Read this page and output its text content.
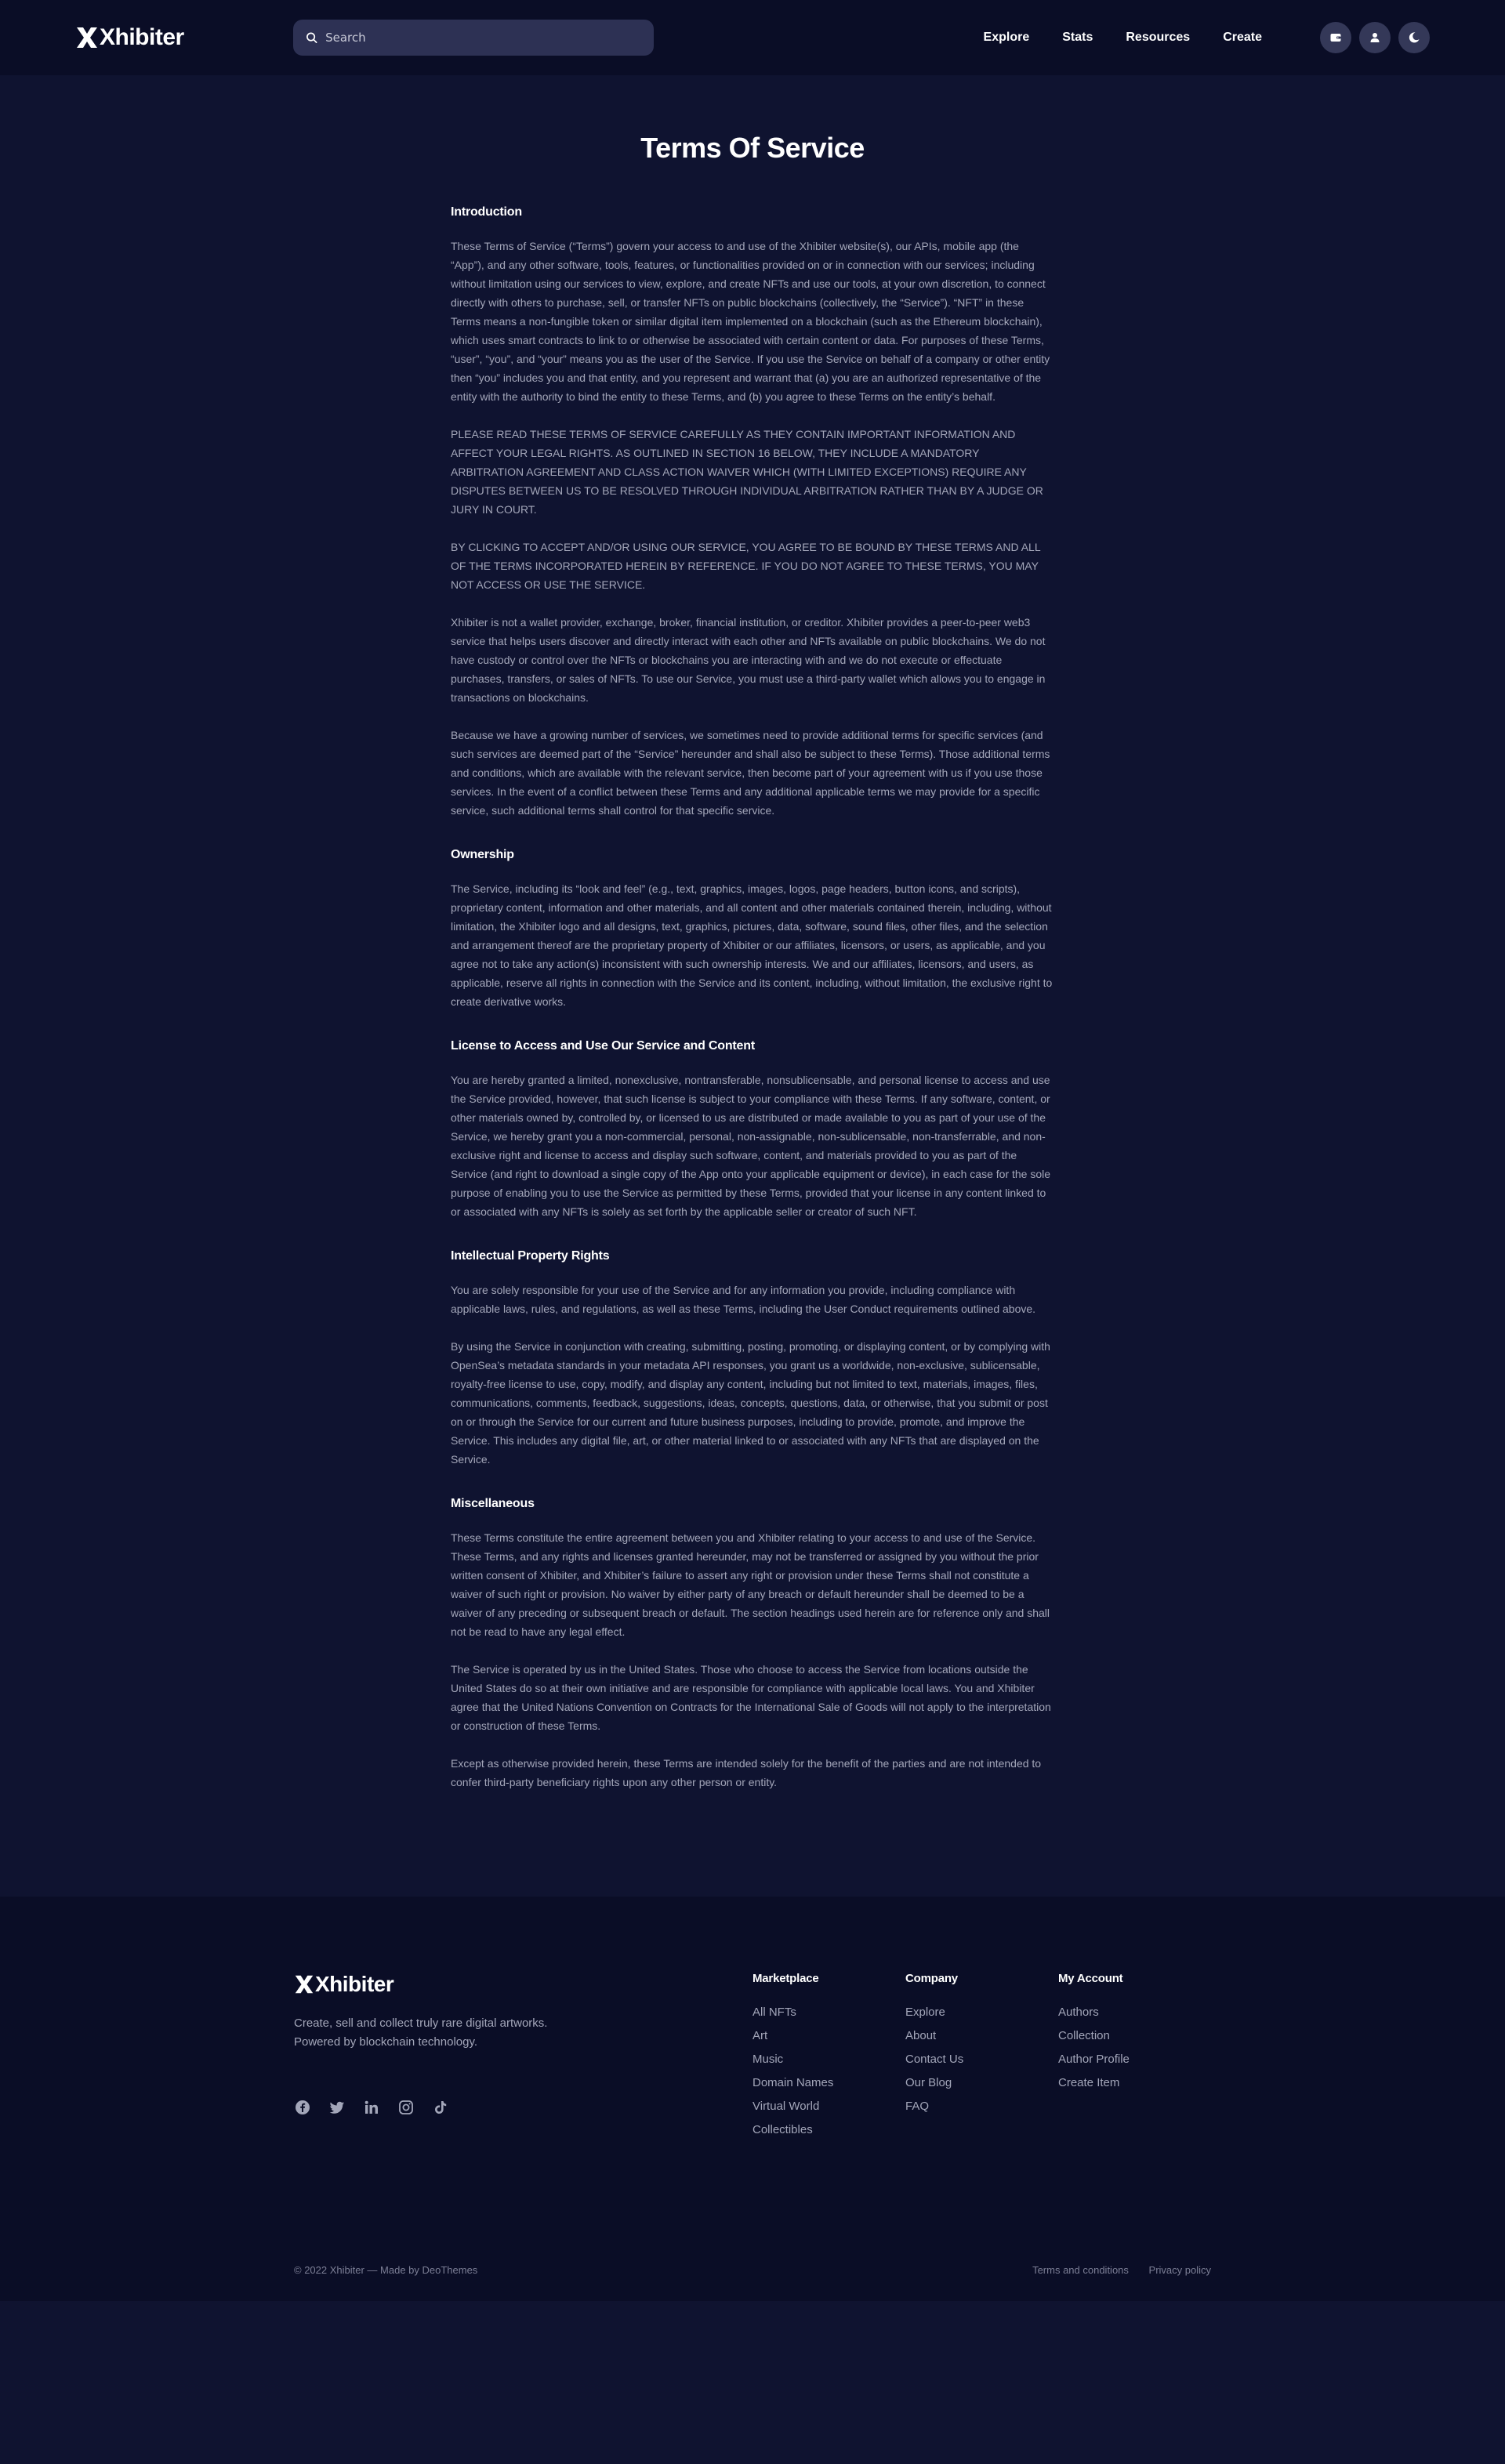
Xhibiter
Search	Explore	Stats	Resources	Create
Terms Of Service
Introduction

These Terms of Service (“Terms”) govern your access to and use of the Xhibiter website(s), our APIs, mobile app (the “App”), and any other software, tools, features, or functionalities provided on or in connection with our services; including without limitation using our services to view, explore, and create NFTs and use our tools, at your own discretion, to connect directly with others to purchase, sell, or transfer NFTs on public blockchains (collectively, the “Service”). “NFT” in these Terms means a non-fungible token or similar digital item implemented on a blockchain (such as the Ethereum blockchain), which uses smart contracts to link to or otherwise be associated with certain content or data. For purposes of these Terms, “user”, “you”, and “your” means you as the user of the Service. If you use the Service on behalf of a company or other entity then “you” includes you and that entity, and you represent and warrant that (a) you are an authorized representative of the entity with the authority to bind the entity to these Terms, and (b) you agree to these Terms on the entity’s behalf.

PLEASE READ THESE TERMS OF SERVICE CAREFULLY AS THEY CONTAIN IMPORTANT INFORMATION AND AFFECT YOUR LEGAL RIGHTS. AS OUTLINED IN SECTION 16 BELOW, THEY INCLUDE A MANDATORY ARBITRATION AGREEMENT AND CLASS ACTION WAIVER WHICH (WITH LIMITED EXCEPTIONS) REQUIRE ANY DISPUTES BETWEEN US TO BE RESOLVED THROUGH INDIVIDUAL ARBITRATION RATHER THAN BY A JUDGE OR JURY IN COURT.

BY CLICKING TO ACCEPT AND/OR USING OUR SERVICE, YOU AGREE TO BE BOUND BY THESE TERMS AND ALL OF THE TERMS INCORPORATED HEREIN BY REFERENCE. IF YOU DO NOT AGREE TO THESE TERMS, YOU MAY NOT ACCESS OR USE THE SERVICE.

Xhibiter is not a wallet provider, exchange, broker, financial institution, or creditor. Xhibiter provides a peer-to-peer web3 service that helps users discover and directly interact with each other and NFTs available on public blockchains. We do not have custody or control over the NFTs or blockchains you are interacting with and we do not execute or effectuate purchases, transfers, or sales of NFTs. To use our Service, you must use a third-party wallet which allows you to engage in transactions on blockchains.

Because we have a growing number of services, we sometimes need to provide additional terms for specific services (and such services are deemed part of the “Service” hereunder and shall also be subject to these Terms). Those additional terms and conditions, which are available with the relevant service, then become part of your agreement with us if you use those services. In the event of a conflict between these Terms and any additional applicable terms we may provide for a specific service, such additional terms shall control for that specific service.

Ownership

The Service, including its “look and feel” (e.g., text, graphics, images, logos, page headers, button icons, and scripts), proprietary content, information and other materials, and all content and other materials contained therein, including, without limitation, the Xhibiter logo and all designs, text, graphics, pictures, data, software, sound files, other files, and the selection and arrangement thereof are the proprietary property of Xhibiter or our affiliates, licensors, or users, as applicable, and you agree not to take any action(s) inconsistent with such ownership interests. We and our affiliates, licensors, and users, as applicable, reserve all rights in connection with the Service and its content, including, without limitation, the exclusive right to create derivative works.

License to Access and Use Our Service and Content

You are hereby granted a limited, nonexclusive, nontransferable, nonsublicensable, and personal license to access and use the Service provided, however, that such license is subject to your compliance with these Terms. If any software, content, or other materials owned by, controlled by, or licensed to us are distributed or made available to you as part of your use of the Service, we hereby grant you a non-commercial, personal, non-assignable, non-sublicensable, non-transferrable, and non-exclusive right and license to access and display such software, content, and materials provided to you as part of the Service (and right to download a single copy of the App onto your applicable equipment or device), in each case for the sole purpose of enabling you to use the Service as permitted by these Terms, provided that your license in any content linked to or associated with any NFTs is solely as set forth by the applicable seller or creator of such NFT.

Intellectual Property Rights

You are solely responsible for your use of the Service and for any information you provide, including compliance with applicable laws, rules, and regulations, as well as these Terms, including the User Conduct requirements outlined above.

By using the Service in conjunction with creating, submitting, posting, promoting, or displaying content, or by complying with OpenSea’s metadata standards in your metadata API responses, you grant us a worldwide, non-exclusive, sublicensable, royalty-free license to use, copy, modify, and display any content, including but not limited to text, materials, images, files, communications, comments, feedback, suggestions, ideas, concepts, questions, data, or otherwise, that you submit or post on or through the Service for our current and future business purposes, including to provide, promote, and improve the Service. This includes any digital file, art, or other material linked to or associated with any NFTs that are displayed on the Service.

Miscellaneous

These Terms constitute the entire agreement between you and Xhibiter relating to your access to and use of the Service. These Terms, and any rights and licenses granted hereunder, may not be transferred or assigned by you without the prior written consent of Xhibiter, and Xhibiter’s failure to assert any right or provision under these Terms shall not constitute a waiver of such right or provision. No waiver by either party of any breach or default hereunder shall be deemed to be a waiver of any preceding or subsequent breach or default. The section headings used herein are for reference only and shall not be read to have any legal effect.

The Service is operated by us in the United States. Those who choose to access the Service from locations outside the United States do so at their own initiative and are responsible for compliance with applicable local laws. You and Xhibiter agree that the United Nations Convention on Contracts for the International Sale of Goods will not apply to the interpretation or construction of these Terms.

Except as otherwise provided herein, these Terms are intended solely for the benefit of the parties and are not intended to confer third-party beneficiary rights upon any other person or entity.

Xhibiter

Create, sell and collect truly rare digital artworks. Powered by blockchain technology.

Marketplace
All NFTs
Art
Music
Domain Names
Virtual World
Collectibles
Company
Explore
About
Contact Us
Our Blog
FAQ
My Account
Authors
Collection
Author Profile
Create Item
© 2022 Xhibiter — Made by DeoThemes	Terms and conditions Privacy policy
